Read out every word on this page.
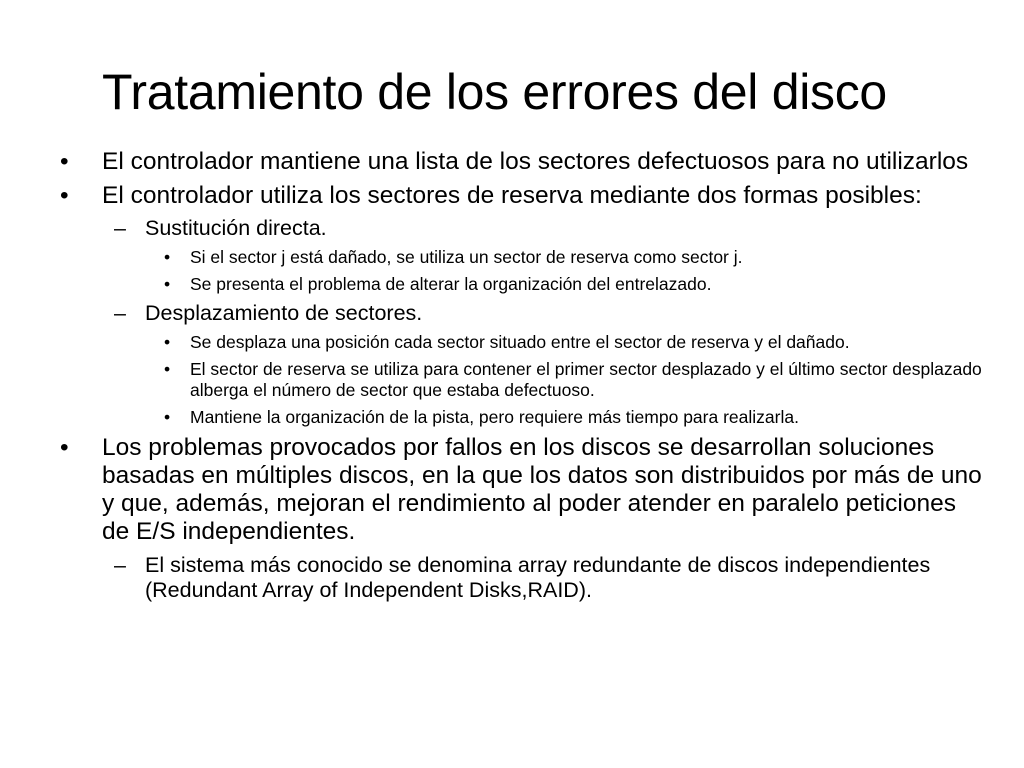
Tratamiento de los errores del disco
• El controlador mantiene una lista de los sectores defectuosos para no utilizarlos
• El controlador utiliza los sectores de reserva mediante dos formas posibles:
– Sustitución directa.
• Si el sector j está dañado, se utiliza un sector de reserva como sector j.
• Se presenta el problema de alterar la organización del entrelazado.
– Desplazamiento de sectores.
• Se desplaza una posición cada sector situado entre el sector de reserva y el dañado.
• El sector de reserva se utiliza para contener el primer sector desplazado y el último sector desplazado alberga el número de sector que estaba defectuoso.
• Mantiene la organización de la pista, pero requiere más tiempo para realizarla.
• Los problemas provocados por fallos en los discos se desarrollan soluciones basadas en múltiples discos, en la que los datos son distribuidos por más de uno y que, además, mejoran el rendimiento al poder atender en paralelo peticiones de E/S independientes.
– El sistema más conocido se denomina array redundante de discos independientes (Redundant Array of Independent Disks,RAID).
